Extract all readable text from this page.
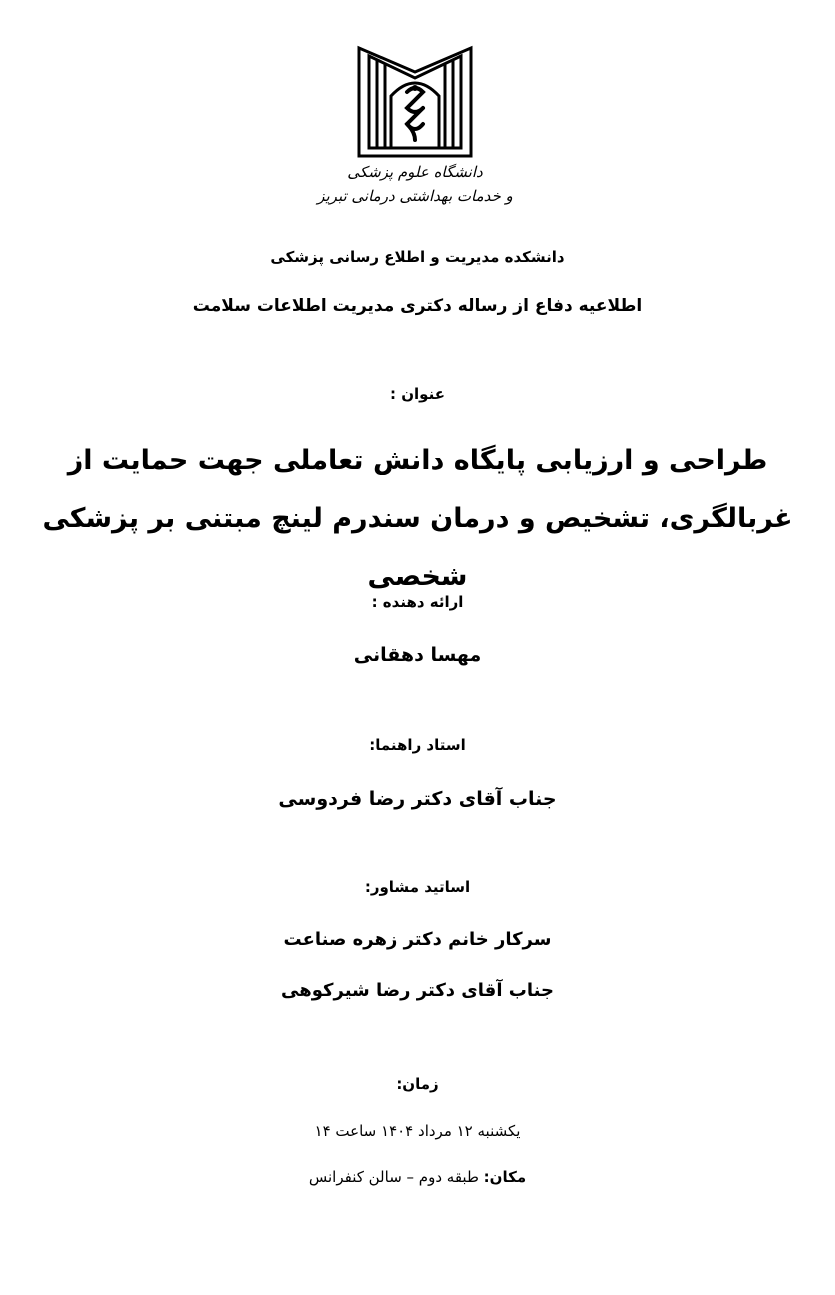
دانشگاه علوم پزشکی
و خدمات بهداشتی درمانی تبریز
دانشکده مدیریت و اطلاع رسانی پزشکی
اطلاعیه دفاع از رساله دکتری مدیریت اطلاعات سلامت
عنوان :
طراحی و ارزیابی پایگاه دانش تعاملی جهت حمایت از غربالگری، تشخیص و درمان سندرم لینچ مبتنی بر پزشکی شخصی
ارائه دهنده :
مهسا دهقانی
استاد راهنما:
جناب آقای دکتر رضا فردوسی
اساتید مشاور:
سرکار خانم دکتر زهره صناعت
جناب آقای دکتر رضا شیرکوهی
زمان:
یکشنبه ۱۲ مرداد ۱۴۰۴ ساعت ۱۴
مکان: طبقه دوم – سالن کنفرانس
